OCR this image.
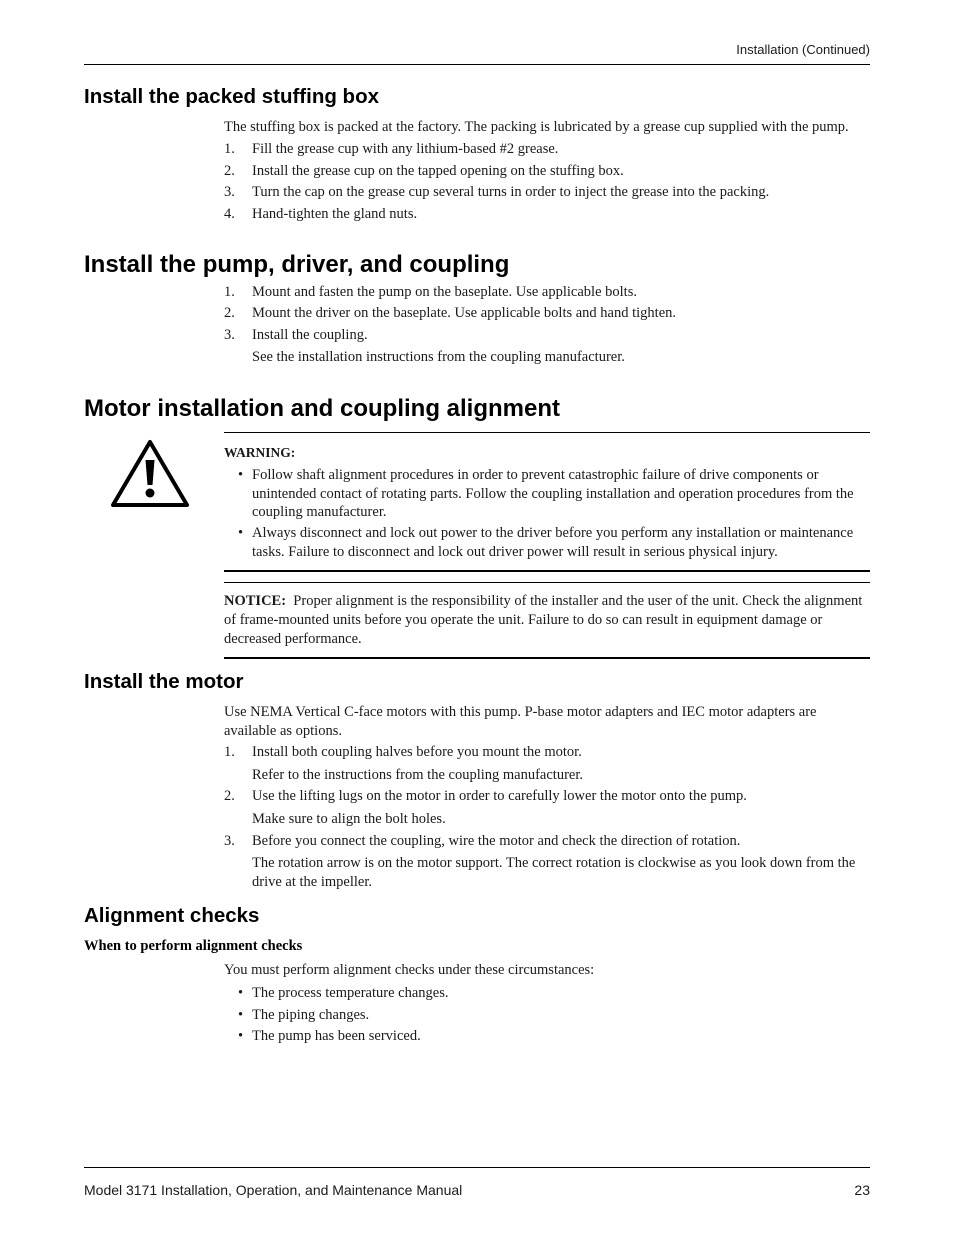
Installation (Continued)
Install the packed stuffing box

The stuffing box is packed at the factory. The packing is lubricated by a grease cup supplied with the pump.

1. Fill the grease cup with any lithium-based #2 grease.
2. Install the grease cup on the tapped opening on the stuffing box.
3. Turn the cap on the grease cup several turns in order to inject the grease into the packing.
4. Hand-tighten the gland nuts.
Install the pump, driver, and coupling
1. Mount and fasten the pump on the baseplate. Use applicable bolts.
2. Mount the driver on the baseplate. Use applicable bolts and hand tighten.
3. Install the coupling.

See the installation instructions from the coupling manufacturer.

Motor installation and coupling alignment
WARNING:
• Follow shaft alignment procedures in order to prevent catastrophic failure of drive components or unintended contact of rotating parts. Follow the coupling installation and operation procedures from the coupling manufacturer.
• Always disconnect and lock out power to the driver before you perform any installation or maintenance tasks. Failure to disconnect and lock out driver power will result in serious physical injury.

NOTICE: Proper alignment is the responsibility of the installer and the user of the unit. Check the alignment of frame-mounted units before you operate the unit. Failure to do so can result in equipment damage or decreased performance.

Install the motor

Use NEMA Vertical C-face motors with this pump. P-base motor adapters and IEC motor adapters are available as options.

1. Install both coupling halves before you mount the motor.

Refer to the instructions from the coupling manufacturer.

2. Use the lifting lugs on the motor in order to carefully lower the motor onto the pump.

Make sure to align the bolt holes.

3. Before you connect the coupling, wire the motor and check the direction of rotation.

The rotation arrow is on the motor support. The correct rotation is clockwise as you look down from the drive at the impeller.

Alignment checks
When to perform alignment checks

You must perform alignment checks under these circumstances:

• The process temperature changes.
• The piping changes.
• The pump has been serviced.
Model 3171 Installation, Operation, and Maintenance Manual	23
